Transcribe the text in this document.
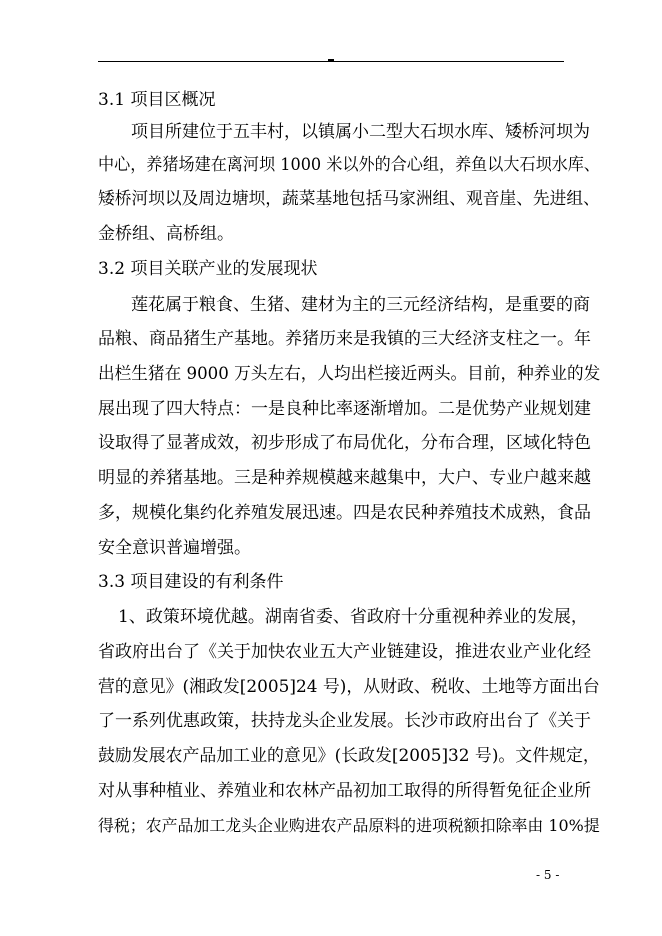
3.1 项目区概况
项目所建位于五丰村，以镇属小二型大石坝水库、矮桥河坝为
中心，养猪场建在离河坝 1000 米以外的合心组，养鱼以大石坝水库、
矮桥河坝以及周边塘坝，蔬菜基地包括马家洲组、观音崖、先进组、
金桥组、高桥组。
3.2 项目关联产业的发展现状
莲花属于粮食、生猪、建材为主的三元经济结构，是重要的商
品粮、商品猪生产基地。养猪历来是我镇的三大经济支柱之一。年
出栏生猪在 9000 万头左右，人均出栏接近两头。目前，种养业的发
展出现了四大特点：一是良种比率逐渐增加。二是优势产业规划建
设取得了显著成效，初步形成了布局优化，分布合理，区域化特色
明显的养猪基地。三是种养规模越来越集中，大户、专业户越来越
多，规模化集约化养殖发展迅速。四是农民种养殖技术成熟，食品
安全意识普遍增强。
3.3 项目建设的有利条件
1、政策环境优越。湖南省委、省政府十分重视种养业的发展，
省政府出台了《关于加快农业五大产业链建设，推进农业产业化经
营的意见》(湘政发[2005]24 号)，从财政、税收、土地等方面出台
了一系列优惠政策，扶持龙头企业发展。长沙市政府出台了《关于
鼓励发展农产品加工业的意见》(长政发[2005]32 号)。文件规定，
对从事种植业、养殖业和农林产品初加工取得的所得暂免征企业所
得税；农产品加工龙头企业购进农产品原料的进项税额扣除率由 10%提
- 5 -
